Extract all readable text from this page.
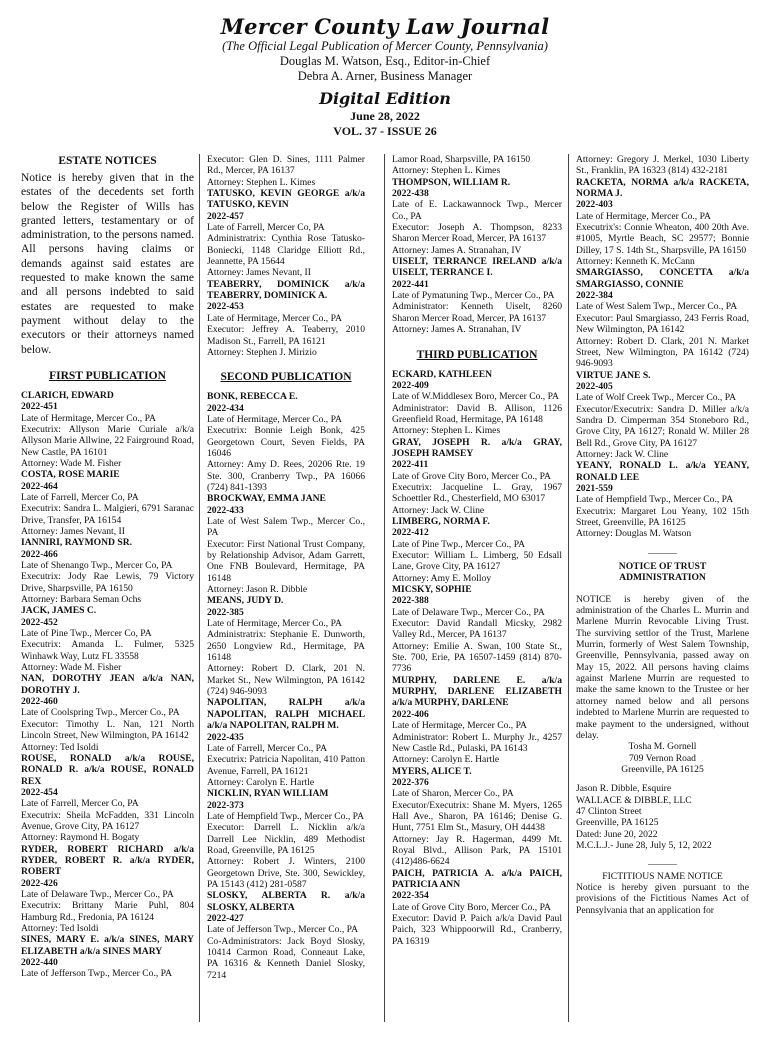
Mercer County Law Journal
(The Official Legal Publication of Mercer County, Pennsylvania)
Douglas M. Watson, Esq., Editor-in-Chief
Debra A. Arner, Business Manager
Digital Edition
June 28, 2022
VOL. 37 - ISSUE 26

ESTATE NOTICES

Notice is hereby given that in the estates of the decedents set forth below the Register of Wills has granted letters, testamentary or of administration, to the persons named. All persons having claims or demands against said estates are requested to make known the same and all persons indebted to said estates are requested to make payment without delay to the executors or their attorneys named below.

FIRST PUBLICATION

CLARICH, EDWARD

2022-451

Late of Hermitage, Mercer Co., PA

Executrix: Allyson Marie Curiale a/k/a Allyson Marie Allwine, 22 Fairground Road, New Castle, PA 16101

Attorney: Wade M. Fisher

COSTA, ROSE MARIE

2022-464

Late of Farrell, Mercer Co, PA

Executrix: Sandra L. Malgieri, 6791 Saranac Drive, Transfer, PA 16154

Attorney: James Nevant, II

IANNIRI, RAYMOND SR.

2022-466

Late of Shenango Twp., Mercer Co, PA

Executrix: Jody Rae Lewis, 79 Victory Drive, Sharpsville, PA 16150

Attorney: Barbara Seman Ochs

JACK, JAMES C.

2022-452

Late of Pine Twp., Mercer Co, PA

Executrix: Amanda L. Fulmer, 5325 Winhawk Way, Lutz FL 33558

Attorney: Wade M. Fisher

NAN, DOROTHY JEAN a/k/a NAN, DOROTHY J.

2022-460

Late of Coolspring Twp., Mercer Co., PA

Executor: Timothy L. Nan, 121 North Lincoln Street, New Wilmington, PA 16142

Attorney: Ted Isoldi

ROUSE, RONALD a/k/a ROUSE, RONALD R. a/k/a ROUSE, RONALD REX

2022-454

Late of Farrell, Mercer Co, PA

Executrix: Sheila McFadden, 331 Lincoln Avenue, Grove City, PA 16127

Attorney: Raymond H. Bogaty

RYDER, ROBERT RICHARD a/k/a RYDER, ROBERT R. a/k/a RYDER, ROBERT

2022-426

Late of Delaware Twp., Mercer Co., PA

Executrix: Brittany Marie Puhl, 804 Hamburg Rd., Fredonia, PA 16124

Attorney: Ted Isoldi

SINES, MARY E. a/k/a SINES, MARY ELIZABETH a/k/a SINES MARY

2022-440

Late of Jefferson Twp., Mercer Co., PA

Executor: Glen D. Sines, 1111 Palmer Rd., Mercer, PA 16137

Attorney: Stephen L. Kimes

TATUSKO, KEVIN GEORGE a/k/a TATUSKO, KEVIN

2022-457

Late of Farrell, Mercer Co, PA

Administratrix: Cynthia Rose Tatusko-Boniecki, 1148 Claridge Elliott Rd., Jeannette, PA 15644

Attorney: James Nevant, II

TEABERRY, DOMINICK a/k/a TEABERRY, DOMINICK A.

2022-453

Late of Hermitage, Mercer Co., PA

Executor: Jeffrey A. Teaberry, 2010 Madison St., Farrell, PA 16121

Attorney: Stephen J. Mirizio

SECOND PUBLICATION

BONK, REBECCA E.

2022-434

Late of Hermitage, Mercer Co., PA

Executrix: Bonnie Leigh Bonk, 425 Georgetown Court, Seven Fields, PA 16046

Attorney: Amy D. Rees, 20206 Rte. 19 Ste. 300, Cranberry Twp., PA 16066 (724) 841-1393

BROCKWAY, EMMA JANE

2022-433

Late of West Salem Twp., Mercer Co., PA

Executor: First National Trust Company, by Relationship Advisor, Adam Garrett, One FNB Boulevard, Hermitage, PA 16148

Attorney: Jason R. Dibble

MEANS, JUDY D.

2022-385

Late of Hermitage, Mercer Co., PA

Administratrix: Stephanie E. Dunworth, 2650 Longview Rd., Hermitage, PA 16148

Attorney: Robert D. Clark, 201 N. Market St., New Wilmington, PA 16142 (724) 946-9093

NAPOLITAN, RALPH a/k/a NAPOLITAN, RALPH MICHAEL a/k/a NAPOLITAN, RALPH M.

2022-435

Late of Farrell, Mercer Co., PA

Executrix: Patricia Napolitan, 410 Patton Avenue, Farrell, PA 16121

Attorney: Carolyn E. Hartle

NICKLIN, RYAN WILLIAM

2022-373

Late of Hempfield Twp., Mercer Co., PA

Executor: Darrell L. Nicklin a/k/a Darrell Lee Nicklin, 489 Methodist Road, Greenville, PA 16125

Attorney: Robert J. Winters, 2100 Georgetown Drive, Ste. 300, Sewickley, PA 15143 (412) 281-0587

SLOSKY, ALBERTA R. a/k/a SLOSKY, ALBERTA

2022-427

Late of Jefferson Twp., Mercer Co., PA

Co-Administrators: Jack Boyd Slosky, 10414 Carmon Road, Conneaut Lake, PA 16316 & Kenneth Daniel Slosky, 7214

Lamor Road, Sharpsville, PA 16150

Attorney: Stephen L. Kimes

THOMPSON, WILLIAM R.

2022-438

Late of E. Lackawannock Twp., Mercer Co., PA

Executor: Joseph A. Thompson, 8233 Sharon Mercer Road, Mercer, PA 16137

Attorney: James A. Stranahan, IV

UISELT, TERRANCE IRELAND a/k/a UISELT, TERRANCE I.

2022-441

Late of Pymatuning Twp., Mercer Co., PA

Administrator: Kenneth Uiselt, 8260 Sharon Mercer Road, Mercer, PA 16137

Attorney: James A. Stranahan, IV

THIRD PUBLICATION

ECKARD, KATHLEEN

2022-409

Late of W.Middlesex Boro, Mercer Co., PA

Administrator: David B. Allison, 1126 Greenfield Road, Hermitage, PA 16148

Attorney: Stephen L. Kimes

GRAY, JOSEPH R. a/k/a GRAY, JOSEPH RAMSEY

2022-411

Late of Grove City Boro, Mercer Co., PA

Executrix: Jacqueline L. Gray, 1967 Schoettler Rd., Chesterfield, MO 63017

Attorney: Jack W. Cline

LIMBERG, NORMA F.

2022-412

Late of Pine Twp., Mercer Co., PA

Executor: William L. Limberg, 50 Edsall Lane, Grove City, PA 16127

Attorney: Amy E. Molloy

MICSKY, SOPHIE

2022-388

Late of Delaware Twp., Mercer Co., PA

Executor: David Randall Micsky, 2982 Valley Rd., Mercer, PA 16137

Attorney: Emilie A. Swan, 100 State St., Ste. 700, Erie, PA 16507-1459 (814) 870-7736

MURPHY, DARLENE E. a/k/a MURPHY, DARLENE ELIZABETH a/k/a MURPHY, DARLENE

2022-406

Late of Hermitage, Mercer Co., PA

Administrator: Robert L. Murphy Jr., 4257 New Castle Rd., Pulaski, PA 16143

Attorney: Carolyn E. Hartle

MYERS, ALICE T.

2022-376

Late of Sharon, Mercer Co., PA

Executor/Executrix: Shane M. Myers, 1265 Hall Ave., Sharon, PA 16146; Denise G. Hunt, 7751 Elm St., Masury, OH 44438

Attorney: Jay R. Hagerman, 4499 Mt. Royal Blvd., Allison Park, PA 15101 (412)486-6624

PAICH, PATRICIA A. a/k/a PAICH, PATRICIA ANN

2022-354

Late of Grove City Boro, Mercer Co., PA

Executor: David P. Paich a/k/a David Paul Paich, 323 Whippoorwill Rd., Cranberry, PA 16319

Attorney: Gregory J. Merkel, 1030 Liberty St., Franklin, PA 16323 (814) 432-2181

RACKETA, NORMA a/k/a RACKETA, NORMA J.

2022-403

Late of Hermitage, Mercer Co., PA

Executrix's: Connie Wheaton, 400 20th Ave. #1005, Myrtle Beach, SC 29577; Bonnie Dilley, 17 S. 14th St., Sharpsville, PA 16150

Attorney: Kenneth K. McCann

SMARGIASSO, CONCETTA a/k/a SMARGIASSO, CONNIE

2022-384

Late of West Salem Twp., Mercer Co., PA

Executor: Paul Smargiasso, 243 Ferris Road, New Wilmington, PA 16142

Attorney: Robert D. Clark, 201 N. Market Street, New Wilmington, PA 16142 (724) 946-9093

VIRTUE JANE S.

2022-405

Late of Wolf Creek Twp., Mercer Co., PA

Executor/Executrix: Sandra D. Miller a/k/a Sandra D. Cimperman 354 Stoneboro Rd., Grove City, PA 16127; Ronald W. Miller 28 Bell Rd., Grove City, PA 16127

Attorney: Jack W. Cline

YEANY, RONALD L. a/k/a YEANY, RONALD LEE

2021-559

Late of Hempfield Twp., Mercer Co., PA

Executrix: Margaret Lou Yeany, 102 15th Street, Greenville, PA 16125

Attorney: Douglas M. Watson

———

NOTICE OF TRUST ADMINISTRATION

NOTICE is hereby given of the administration of the Charles L. Murrin and Marlene Murrin Revocable Living Trust. The surviving settlor of the Trust, Marlene Murrin, formerly of West Salem Township, Greenville, Pennsylvania, passed away on May 15, 2022. All persons having claims against Marlene Murrin are requested to make the same known to the Trustee or her attorney named below and all persons indebted to Marlene Murrin are requested to make payment to the undersigned, without delay.

Tosha M. Gornell

709 Vernon Road

Greenville, PA 16125

Jason R. Dibble, Esquire

WALLACE & DIBBLE, LLC

47 Clinton Street

Greenville, PA 16125

Dated: June 20, 2022

M.C.L.J.- June 28, July 5, 12, 2022

———

FICTITIOUS NAME NOTICE

Notice is hereby given pursuant to the provisions of the Fictitious Names Act of Pennsylvania that an application for
